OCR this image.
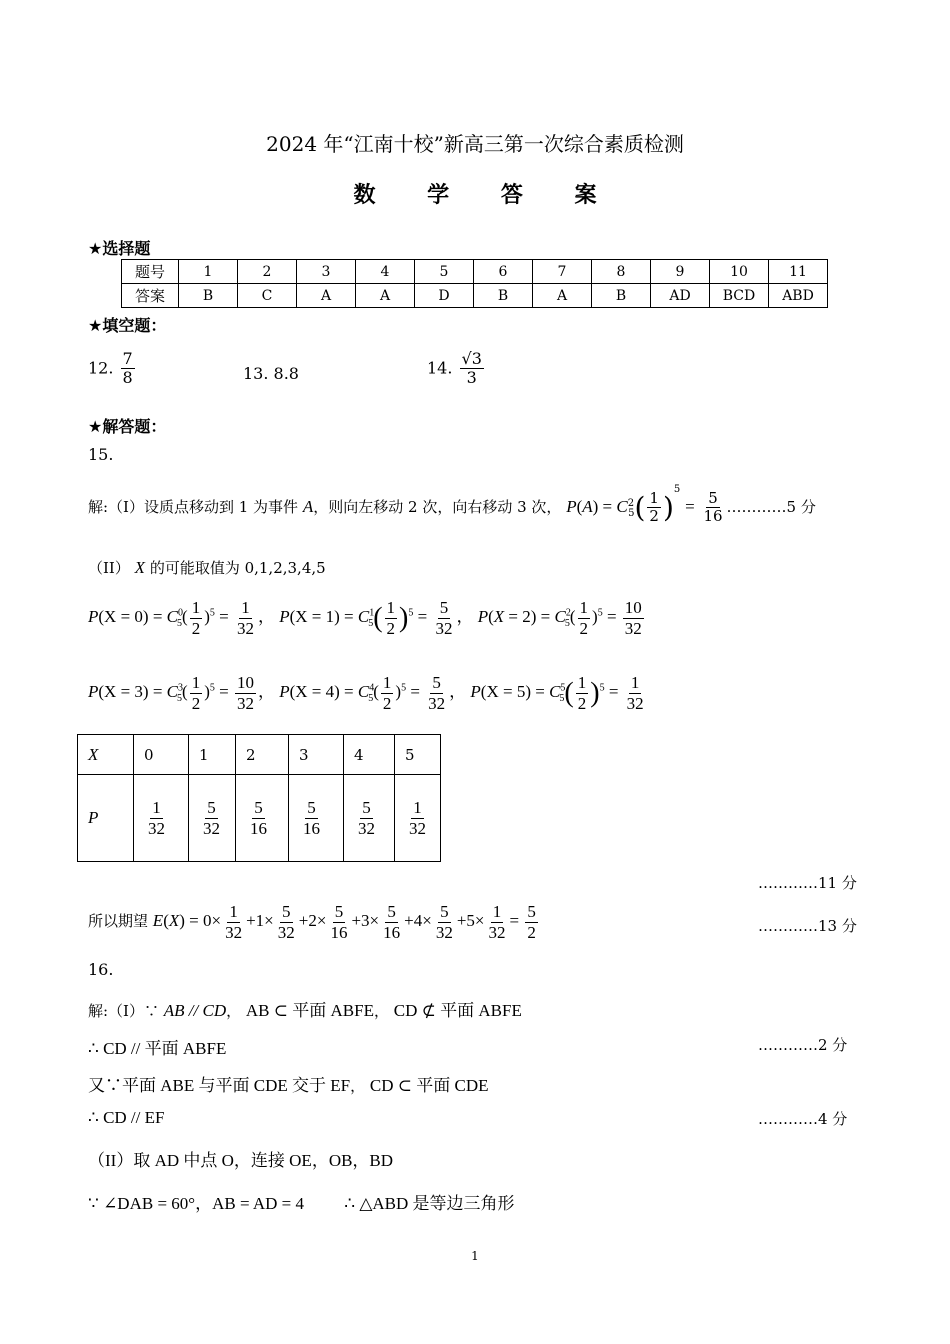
2024 年“江南十校”新高三第一次综合素质检测
数 学 答 案
★选择题
题号	1	2	3	4	5	6	7	8	9	10	11
答案	B	C	A	A	D	B	A	B	AD	BCD	ABD
★填空题：
12. $\frac{7}{8}$	13. 8.8	14. $\frac{√3}{3}$
★解答题：
15.
解:（I）设质点移动到 1 为事件 A，则向左移动 2 次，向右移动 3 次， $P(A) = C^2_5( \frac{1}{2} )^5 = \frac{5}{16}$ …………5 分
（II） X 的可能取值为 0,1,2,3,4,5
$P(X = 0) = C^0_5( \frac{1}{2} )^5 = \frac{1}{32}$ ， $P(X = 1) = C^1_5( \frac{1}{2} )^5 = \frac{5}{32}$ ， $P(X = 2) = C^2_5( \frac{1}{2} )^5 = \frac{10}{32}$
$P(X = 3) = C^3_5( \frac{1}{2} )^5 = \frac{10}{32}$ ， $P(X = 4) = C^4_5( \frac{1}{2} )^5 = \frac{5}{32}$ ， $P(X = 5) = C^5_5( \frac{1}{2} )^5 = \frac{1}{32}$
X	0	1	2	3	4	5
P	$\frac{1}{32}$	$\frac{5}{32}$	$\frac{5}{16}$	$\frac{5}{16}$	$\frac{5}{32}$	$\frac{1}{32}$
…………11 分
所以期望 $E(X) = 0\times \frac{1}{32} +1\times \frac{5}{32} +2\times \frac{5}{16} +3\times \frac{5}{16} +4\times \frac{5}{32} +5\times \frac{1}{32} = \frac{5}{2}$	…………13 分
16.
解:（I）∵ AB // CD， AB ⊂ 平面 ABFE， CD ⊄ 平面 ABFE
∴ CD // 平面 ABFE	…………2 分
又∵平面 ABE 与平面 CDE 交于 EF， CD ⊂ 平面 CDE
∴ CD // EF	…………4 分
（II）取 AD 中点 O，连接 OE，OB，BD
∵ ∠DAB = 60°，AB = AD = 4 ∴ △ABD 是等边三角形
1
